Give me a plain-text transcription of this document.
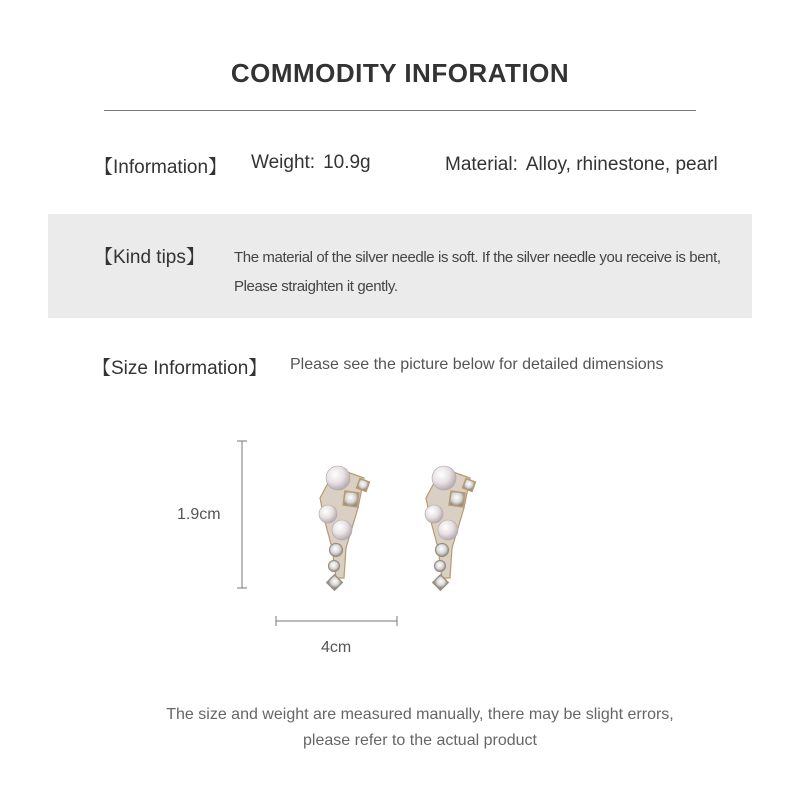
COMMODITY INFORATION
【Information】 Weight: 10.9g	Material: Alloy, rhinestone, pearl
【Kind tips】 The material of the silver needle is soft. If the silver needle you receive is bent,
Please straighten it gently.
【Size Information】 Please see the picture below for detailed dimensions
1.9cm
4cm
The size and weight are measured manually, there may be slight errors,
please refer to the actual product
